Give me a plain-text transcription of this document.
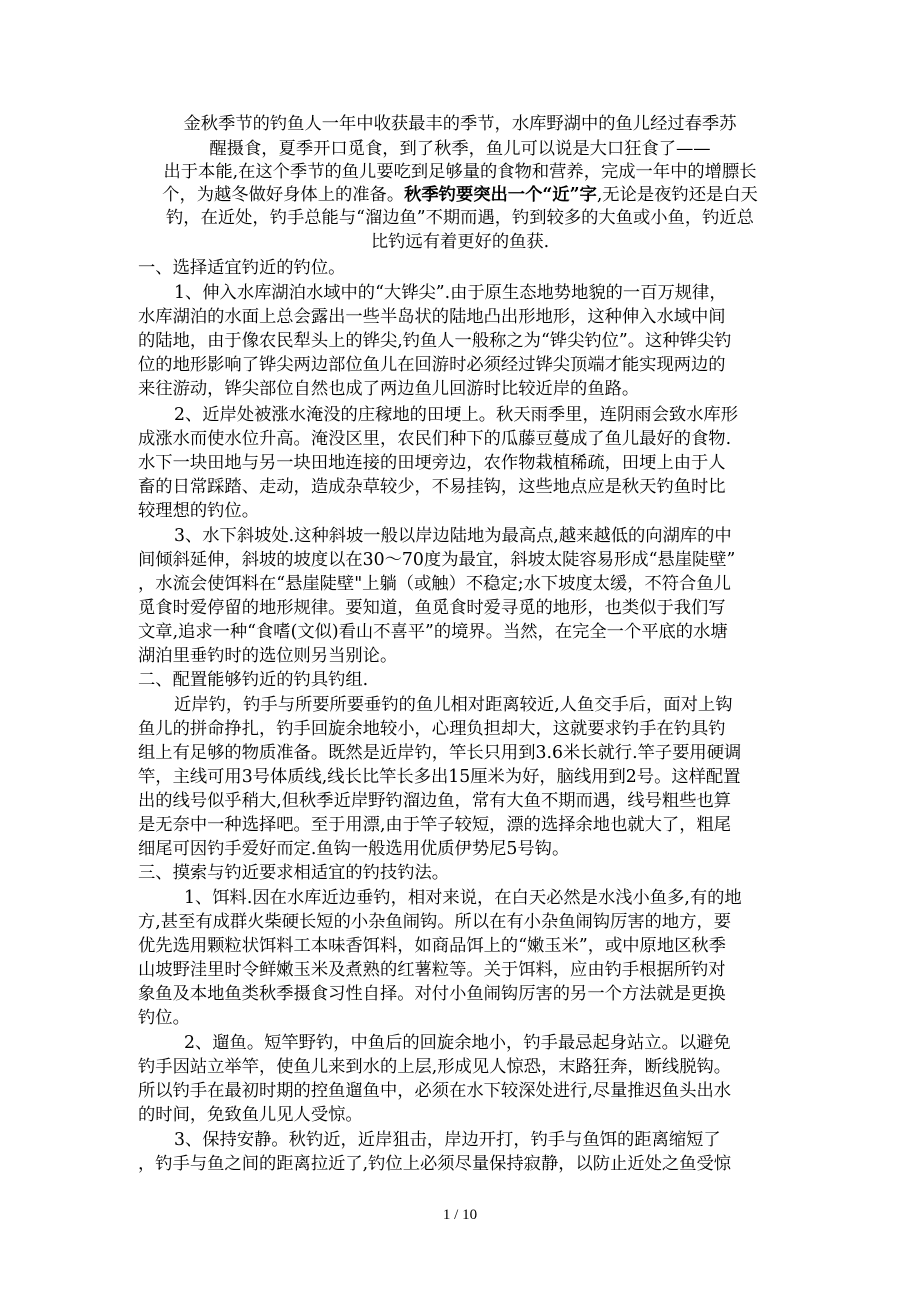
金秋季节的钓鱼人一年中收获最丰的季节，水库野湖中的鱼儿经过春季苏
醒摄食，夏季开口觅食，到了秋季，鱼儿可以说是大口狂食了——
出于本能,在这个季节的鱼儿要吃到足够量的食物和营养，完成一年中的增膘长
个，为越冬做好身体上的准备。秋季钓要突出一个“近”字,无论是夜钓还是白天
钓，在近处，钓手总能与“溜边鱼”不期而遇，钓到较多的大鱼或小鱼，钓近总
比钓远有着更好的鱼获.
一、选择适宜钓近的钓位。
1、伸入水库湖泊水域中的“大铧尖”.由于原生态地势地貌的一百万规律，
水库湖泊的水面上总会露出一些半岛状的陆地凸出形地形，这种伸入水域中间
的陆地，由于像农民犁头上的铧尖,钓鱼人一般称之为“铧尖钓位”。这种铧尖钓
位的地形影响了铧尖两边部位鱼儿在回游时必须经过铧尖顶端才能实现两边的
来往游动，铧尖部位自然也成了两边鱼儿回游时比较近岸的鱼路。
2、近岸处被涨水淹没的庄稼地的田埂上。秋天雨季里，连阴雨会致水库形
成涨水而使水位升高。淹没区里，农民们种下的瓜藤豆蔓成了鱼儿最好的食物.
水下一块田地与另一块田地连接的田埂旁边，农作物栽植稀疏，田埂上由于人
畜的日常踩踏、走动，造成杂草较少，不易挂钩，这些地点应是秋天钓鱼时比
较理想的钓位。
3、水下斜坡处.这种斜坡一般以岸边陆地为最高点,越来越低的向湖库的中
间倾斜延伸，斜坡的坡度以在30～70度为最宜，斜坡太陡容易形成“悬崖陡壁”
，水流会使饵料在“悬崖陡壁"上躺（或触）不稳定;水下坡度太缓，不符合鱼儿
觅食时爱停留的地形规律。要知道，鱼觅食时爱寻觅的地形，也类似于我们写
文章,追求一种“食嗜(文似)看山不喜平”的境界。当然，在完全一个平底的水塘
湖泊里垂钓时的选位则另当别论。
二、配置能够钓近的钓具钓组.
近岸钓，钓手与所要所要垂钓的鱼儿相对距离较近,人鱼交手后，面对上钩
鱼儿的拼命挣扎，钓手回旋余地较小，心理负担却大，这就要求钓手在钓具钓
组上有足够的物质准备。既然是近岸钓，竿长只用到3.6米长就行.竿子要用硬调
竿，主线可用3号体质线,线长比竿长多出15厘米为好，脑线用到2号。这样配置
出的线号似乎稍大,但秋季近岸野钓溜边鱼，常有大鱼不期而遇，线号粗些也算
是无奈中一种选择吧。至于用漂,由于竿子较短，漂的选择余地也就大了，粗尾
细尾可因钓手爱好而定.鱼钩一般选用优质伊势尼5号钩。
三、摸索与钓近要求相适宜的钓技钓法。
1、饵料.因在水库近边垂钓，相对来说，在白天必然是水浅小鱼多,有的地
方,甚至有成群火柴硬长短的小杂鱼闹钩。所以在有小杂鱼闹钩厉害的地方，要
优先选用颗粒状饵料工本味香饵料，如商品饵上的“嫩玉米”，或中原地区秋季
山坡野洼里时令鲜嫩玉米及煮熟的红薯粒等。关于饵料，应由钓手根据所钓对
象鱼及本地鱼类秋季摄食习性自择。对付小鱼闹钩厉害的另一个方法就是更换
钓位。
2、遛鱼。短竿野钓，中鱼后的回旋余地小，钓手最忌起身站立。以避免
钓手因站立举竿，使鱼儿来到水的上层,形成见人惊恐，末路狂奔，断线脱钩。
所以钓手在最初时期的控鱼遛鱼中，必须在水下较深处进行,尽量推迟鱼头出水
的时间，免致鱼儿见人受惊。
3、保持安静。秋钓近，近岸狙击，岸边开打，钓手与鱼饵的距离缩短了
，钓手与鱼之间的距离拉近了,钓位上必须尽量保持寂静，以防止近处之鱼受惊
1 / 10
